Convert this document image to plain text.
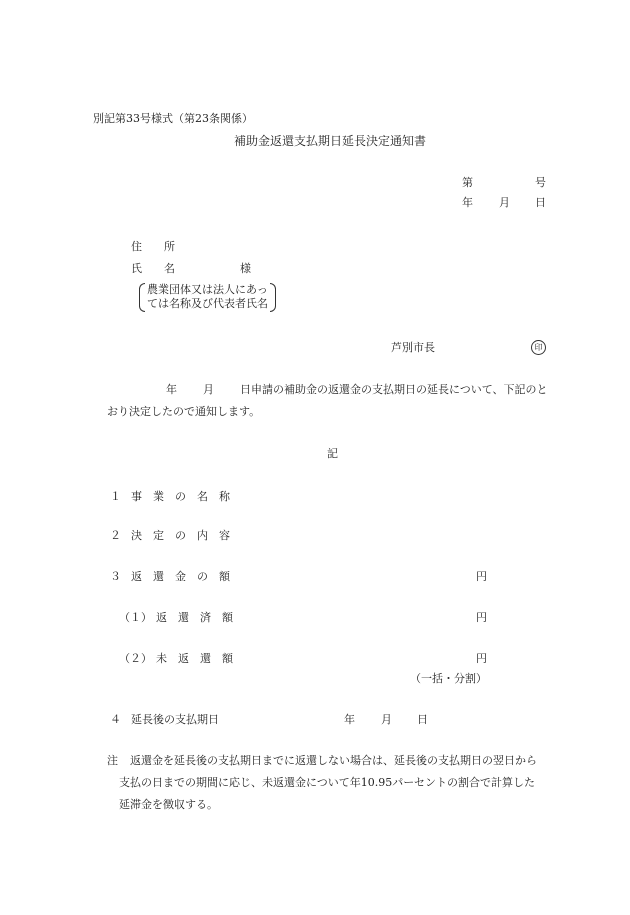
別記第33号様式（第23条関係）
補助金返還支払期日延長決定通知書
第	号
年 月 日
住　　所
氏　　名	様
農業団体又は法人にあっ
ては名称及び代表者氏名
芦別市長	印
年 月 日申請の補助金の返還金の支払期日の延長について、下記のと
おり決定したので通知します。
記
１ 事　業　の　名　称
２ 決　定　の　内　容
３ 返　還　金　の　額	円
（１） 返　還　済　額	円
（２） 未　返　還　額	円
（一括・分割）
４ 延長後の支払期日	年 月 日
注 返還金を延長後の支払期日までに返還しない場合は、延長後の支払期日の翌日から
支払の日までの期間に応じ、未返還金について年10.95パーセントの割合で計算した
延滞金を徴収する。
